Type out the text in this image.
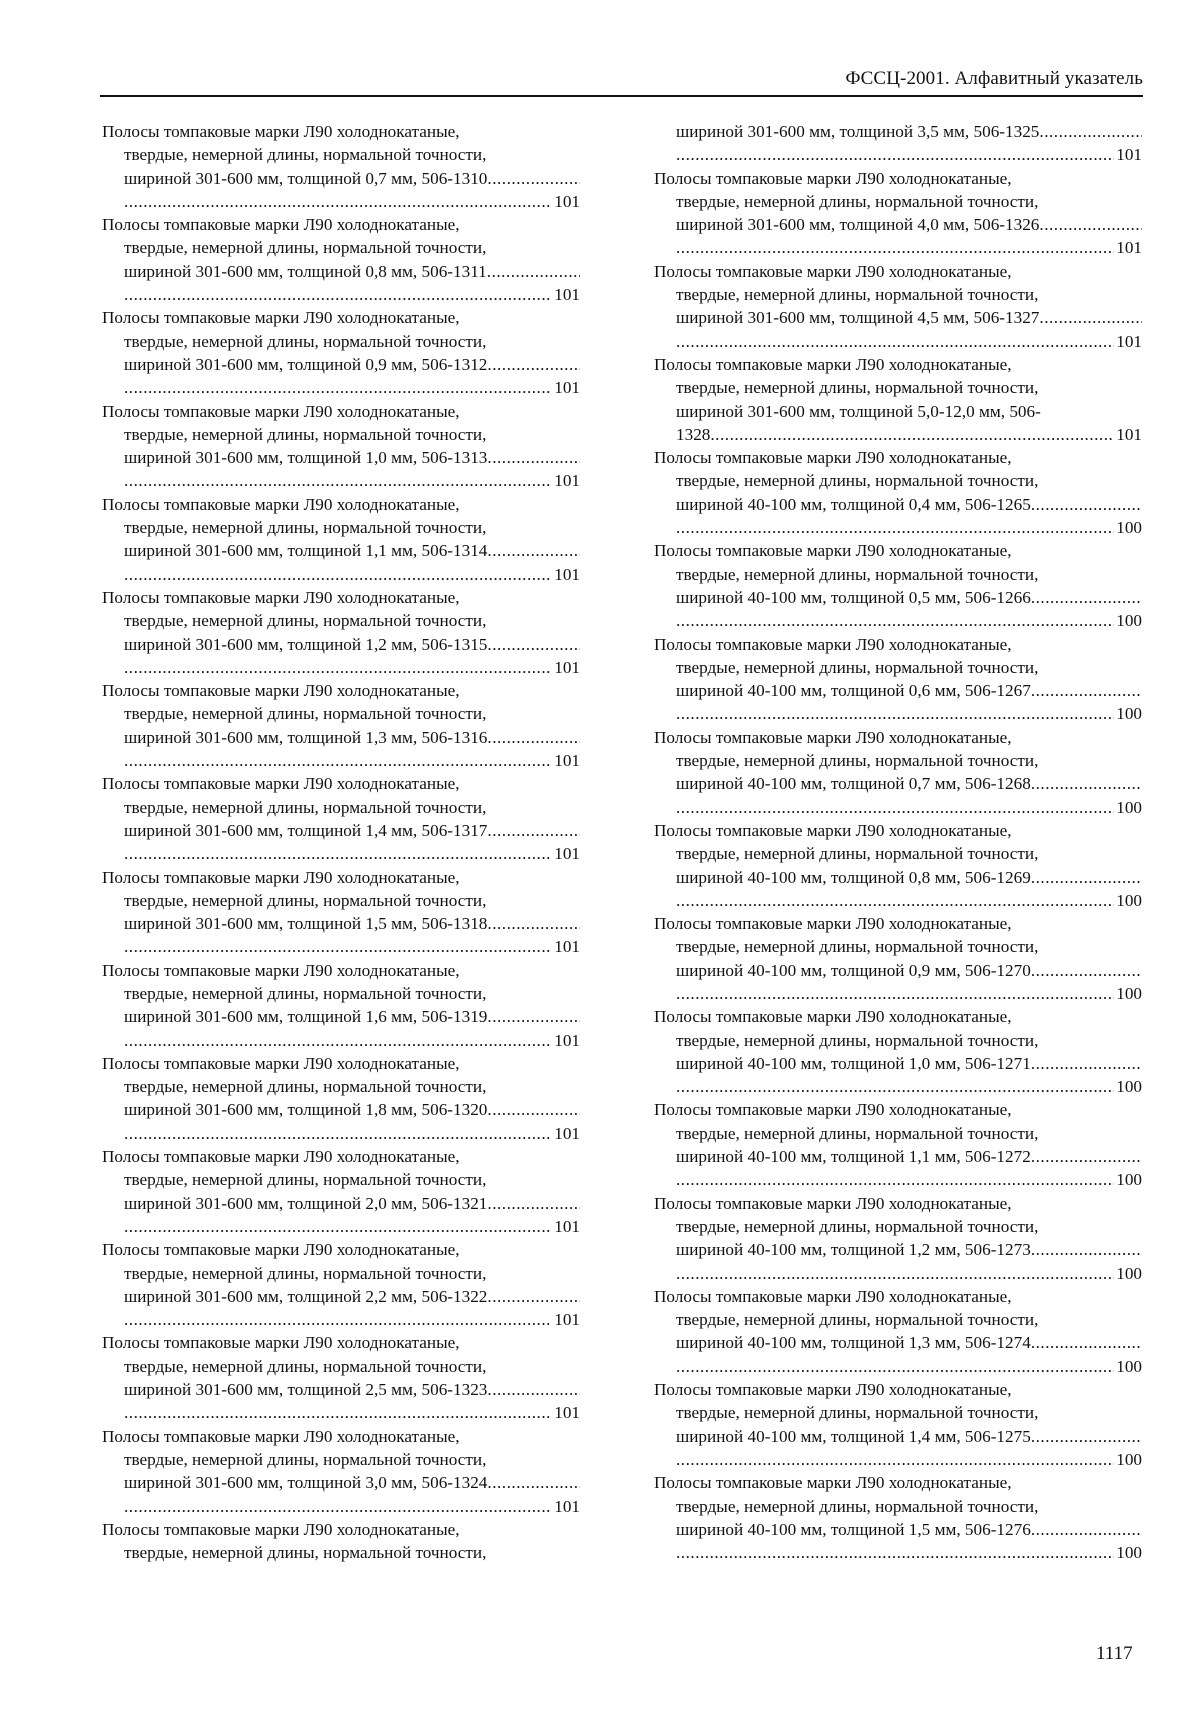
ФССЦ-2001. Алфавитный указатель
Полосы томпаковые марки Л90 холоднокатаные,
твердые, немерной длины, нормальной точности,
шириной 301-600 мм, толщиной 0,7 мм, 506-1310
.....
.....
101
Полосы томпаковые марки Л90 холоднокатаные,
твердые, немерной длины, нормальной точности,
шириной 301-600 мм, толщиной 0,8 мм, 506-1311
.....
.....
101
Полосы томпаковые марки Л90 холоднокатаные,
твердые, немерной длины, нормальной точности,
шириной 301-600 мм, толщиной 0,9 мм, 506-1312
.....
.....
101
Полосы томпаковые марки Л90 холоднокатаные,
твердые, немерной длины, нормальной точности,
шириной 301-600 мм, толщиной 1,0 мм, 506-1313
.....
.....
101
Полосы томпаковые марки Л90 холоднокатаные,
твердые, немерной длины, нормальной точности,
шириной 301-600 мм, толщиной 1,1 мм, 506-1314
.....
.....
101
Полосы томпаковые марки Л90 холоднокатаные,
твердые, немерной длины, нормальной точности,
шириной 301-600 мм, толщиной 1,2 мм, 506-1315
.....
.....
101
Полосы томпаковые марки Л90 холоднокатаные,
твердые, немерной длины, нормальной точности,
шириной 301-600 мм, толщиной 1,3 мм, 506-1316
.....
.....
101
Полосы томпаковые марки Л90 холоднокатаные,
твердые, немерной длины, нормальной точности,
шириной 301-600 мм, толщиной 1,4 мм, 506-1317
.....
.....
101
Полосы томпаковые марки Л90 холоднокатаные,
твердые, немерной длины, нормальной точности,
шириной 301-600 мм, толщиной 1,5 мм, 506-1318
.....
.....
101
Полосы томпаковые марки Л90 холоднокатаные,
твердые, немерной длины, нормальной точности,
шириной 301-600 мм, толщиной 1,6 мм, 506-1319
.....
.....
101
Полосы томпаковые марки Л90 холоднокатаные,
твердые, немерной длины, нормальной точности,
шириной 301-600 мм, толщиной 1,8 мм, 506-1320
.....
.....
101
Полосы томпаковые марки Л90 холоднокатаные,
твердые, немерной длины, нормальной точности,
шириной 301-600 мм, толщиной 2,0 мм, 506-1321
.....
.....
101
Полосы томпаковые марки Л90 холоднокатаные,
твердые, немерной длины, нормальной точности,
шириной 301-600 мм, толщиной 2,2 мм, 506-1322
.....
.....
101
Полосы томпаковые марки Л90 холоднокатаные,
твердые, немерной длины, нормальной точности,
шириной 301-600 мм, толщиной 2,5 мм, 506-1323
.....
.....
101
Полосы томпаковые марки Л90 холоднокатаные,
твердые, немерной длины, нормальной точности,
шириной 301-600 мм, толщиной 3,0 мм, 506-1324
.....
.....
101
Полосы томпаковые марки Л90 холоднокатаные,
твердые, немерной длины, нормальной точности,
шириной 301-600 мм, толщиной 3,5 мм, 506-1325
.....
.....
101
Полосы томпаковые марки Л90 холоднокатаные,
твердые, немерной длины, нормальной точности,
шириной 301-600 мм, толщиной 4,0 мм, 506-1326
.....
.....
101
Полосы томпаковые марки Л90 холоднокатаные,
твердые, немерной длины, нормальной точности,
шириной 301-600 мм, толщиной 4,5 мм, 506-1327
.....
.....
101
Полосы томпаковые марки Л90 холоднокатаные,
твердые, немерной длины, нормальной точности,
шириной 301-600 мм, толщиной 5,0-12,0 мм, 506-
1328
.....	101
Полосы томпаковые марки Л90 холоднокатаные,
твердые, немерной длины, нормальной точности,
шириной 40-100 мм, толщиной 0,4 мм, 506-1265
.....
.....
100
Полосы томпаковые марки Л90 холоднокатаные,
твердые, немерной длины, нормальной точности,
шириной 40-100 мм, толщиной 0,5 мм, 506-1266
.....
.....
100
Полосы томпаковые марки Л90 холоднокатаные,
твердые, немерной длины, нормальной точности,
шириной 40-100 мм, толщиной 0,6 мм, 506-1267
.....
.....
100
Полосы томпаковые марки Л90 холоднокатаные,
твердые, немерной длины, нормальной точности,
шириной 40-100 мм, толщиной 0,7 мм, 506-1268
.....
.....
100
Полосы томпаковые марки Л90 холоднокатаные,
твердые, немерной длины, нормальной точности,
шириной 40-100 мм, толщиной 0,8 мм, 506-1269
.....
.....
100
Полосы томпаковые марки Л90 холоднокатаные,
твердые, немерной длины, нормальной точности,
шириной 40-100 мм, толщиной 0,9 мм, 506-1270
.....
.....
100
Полосы томпаковые марки Л90 холоднокатаные,
твердые, немерной длины, нормальной точности,
шириной 40-100 мм, толщиной 1,0 мм, 506-1271
.....
.....
100
Полосы томпаковые марки Л90 холоднокатаные,
твердые, немерной длины, нормальной точности,
шириной 40-100 мм, толщиной 1,1 мм, 506-1272
.....
.....
100
Полосы томпаковые марки Л90 холоднокатаные,
твердые, немерной длины, нормальной точности,
шириной 40-100 мм, толщиной 1,2 мм, 506-1273
.....
.....
100
Полосы томпаковые марки Л90 холоднокатаные,
твердые, немерной длины, нормальной точности,
шириной 40-100 мм, толщиной 1,3 мм, 506-1274
.....
.....
100
Полосы томпаковые марки Л90 холоднокатаные,
твердые, немерной длины, нормальной точности,
шириной 40-100 мм, толщиной 1,4 мм, 506-1275
.....
.....
100
Полосы томпаковые марки Л90 холоднокатаные,
твердые, немерной длины, нормальной точности,
шириной 40-100 мм, толщиной 1,5 мм, 506-1276
.....
.....
100
1117
